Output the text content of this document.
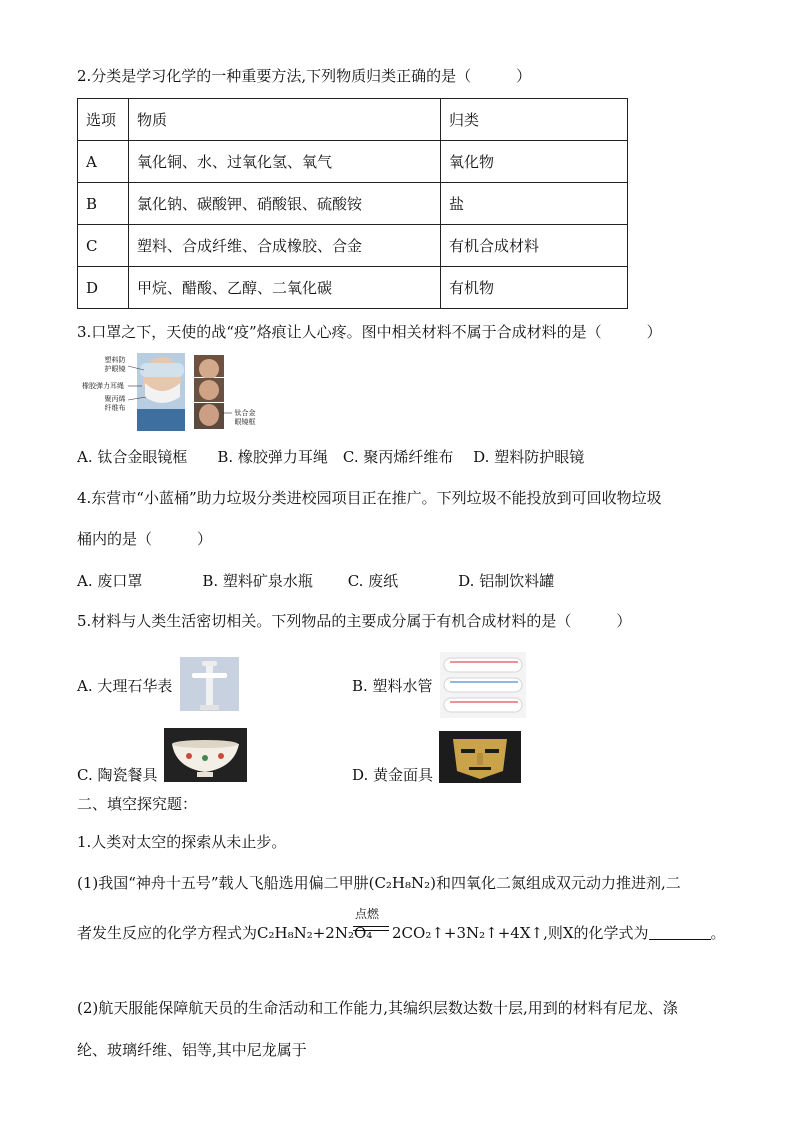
2.分类是学习化学的一种重要方法,下列物质归类正确的是（　　　）
选项	物质	归类
A	氧化铜、水、过氧化氢、氧气	氧化物
B	氯化钠、碳酸钾、硝酸银、硫酸铵	盐
C	塑料、合成纤维、合成橡胶、合金	有机合成材料
D	甲烷、醋酸、乙醇、二氧化碳	有机物
3.口罩之下，天使的战“疫”烙痕让人心疼。图中相关材料不属于合成材料的是（　　　）
塑料防
护眼镜
橡胶弹力耳绳
聚丙烯
纤维布
钛合金
眼镜框
A. 钛合金眼镜框　　B. 橡胶弹力耳绳　C. 聚丙烯纤维布　 D. 塑料防护眼镜
4.东营市“小蓝桶”助力垃圾分类进校园项目正在推广。下列垃圾不能投放到可回收物垃圾
桶内的是（　　　）
A. 废口罩　　　　B. 塑料矿泉水瓶　　 C. 废纸　　　　D. 铝制饮料罐
5.材料与人类生活密切相关。下列物品的主要成分属于有机合成材料的是（　　　）
A. 大理石华表	B. 塑料水管
C. 陶瓷餐具	D. 黄金面具
二、填空探究题：
1.人类对太空的探索从未止步。
(1)我国“神舟十五号”载人飞船选用偏二甲肼(C₂H₈N₂)和四氧化二氮组成双元动力推进剂,二
点燃
者发生反应的化学方程式为C₂H₈N₂+2N₂O₄ 2CO₂↑+3N₂↑+4X↑,则X的化学式为	。
(2)航天服能保障航天员的生命活动和工作能力,其编织层数达数十层,用到的材料有尼龙、涤
纶、玻璃纤维、铝等,其中尼龙属于
